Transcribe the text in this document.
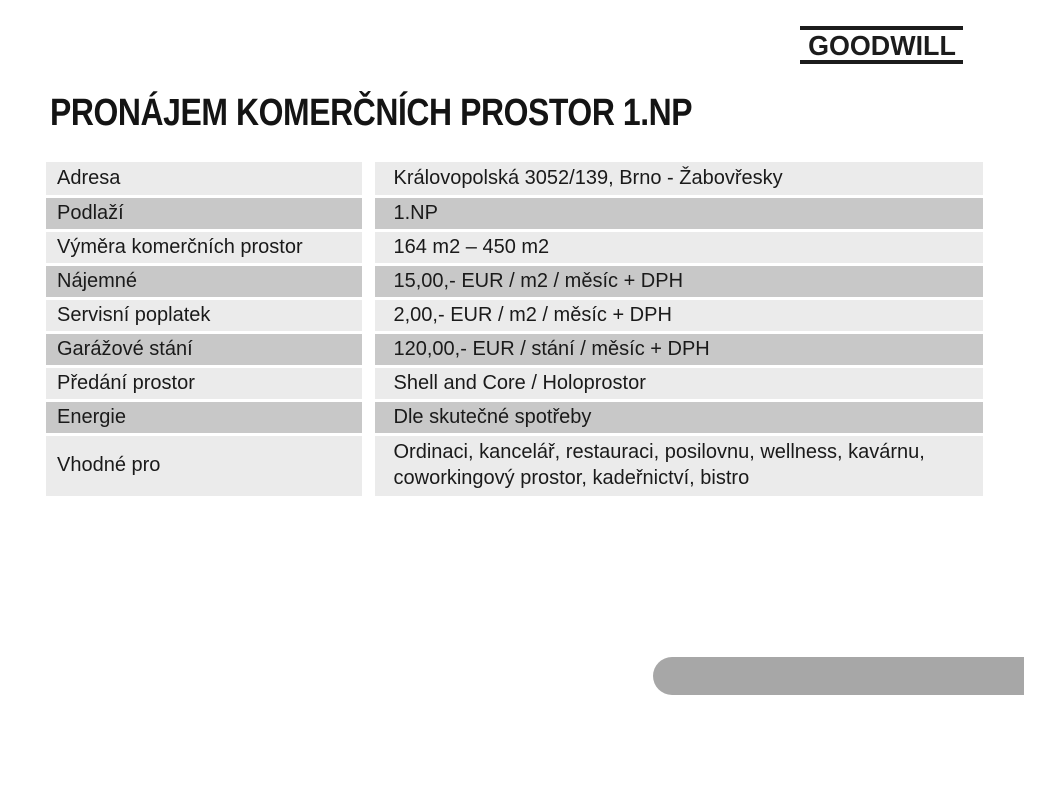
GOODWILL
PRONÁJEM KOMERČNÍCH PROSTOR 1.NP
Adresa	Královopolská 3052/139, Brno - Žabovřesky
Podlaží	1.NP
Výměra komerčních prostor	164 m2 – 450 m2
Nájemné	15,00,- EUR / m2 / měsíc + DPH
Servisní poplatek	2,00,- EUR / m2 / měsíc + DPH
Garážové stání	120,00,- EUR / stání / měsíc + DPH
Předání prostor	Shell and Core / Holoprostor
Energie	Dle skutečné spotřeby
Vhodné pro	Ordinaci, kancelář, restauraci, posilovnu, wellness, kavárnu, coworkingový prostor, kadeřnictví, bistro

HEAD OF TERMS

PRONÁJEM  KOMERČNÍCH PROSTOR 1.NP
